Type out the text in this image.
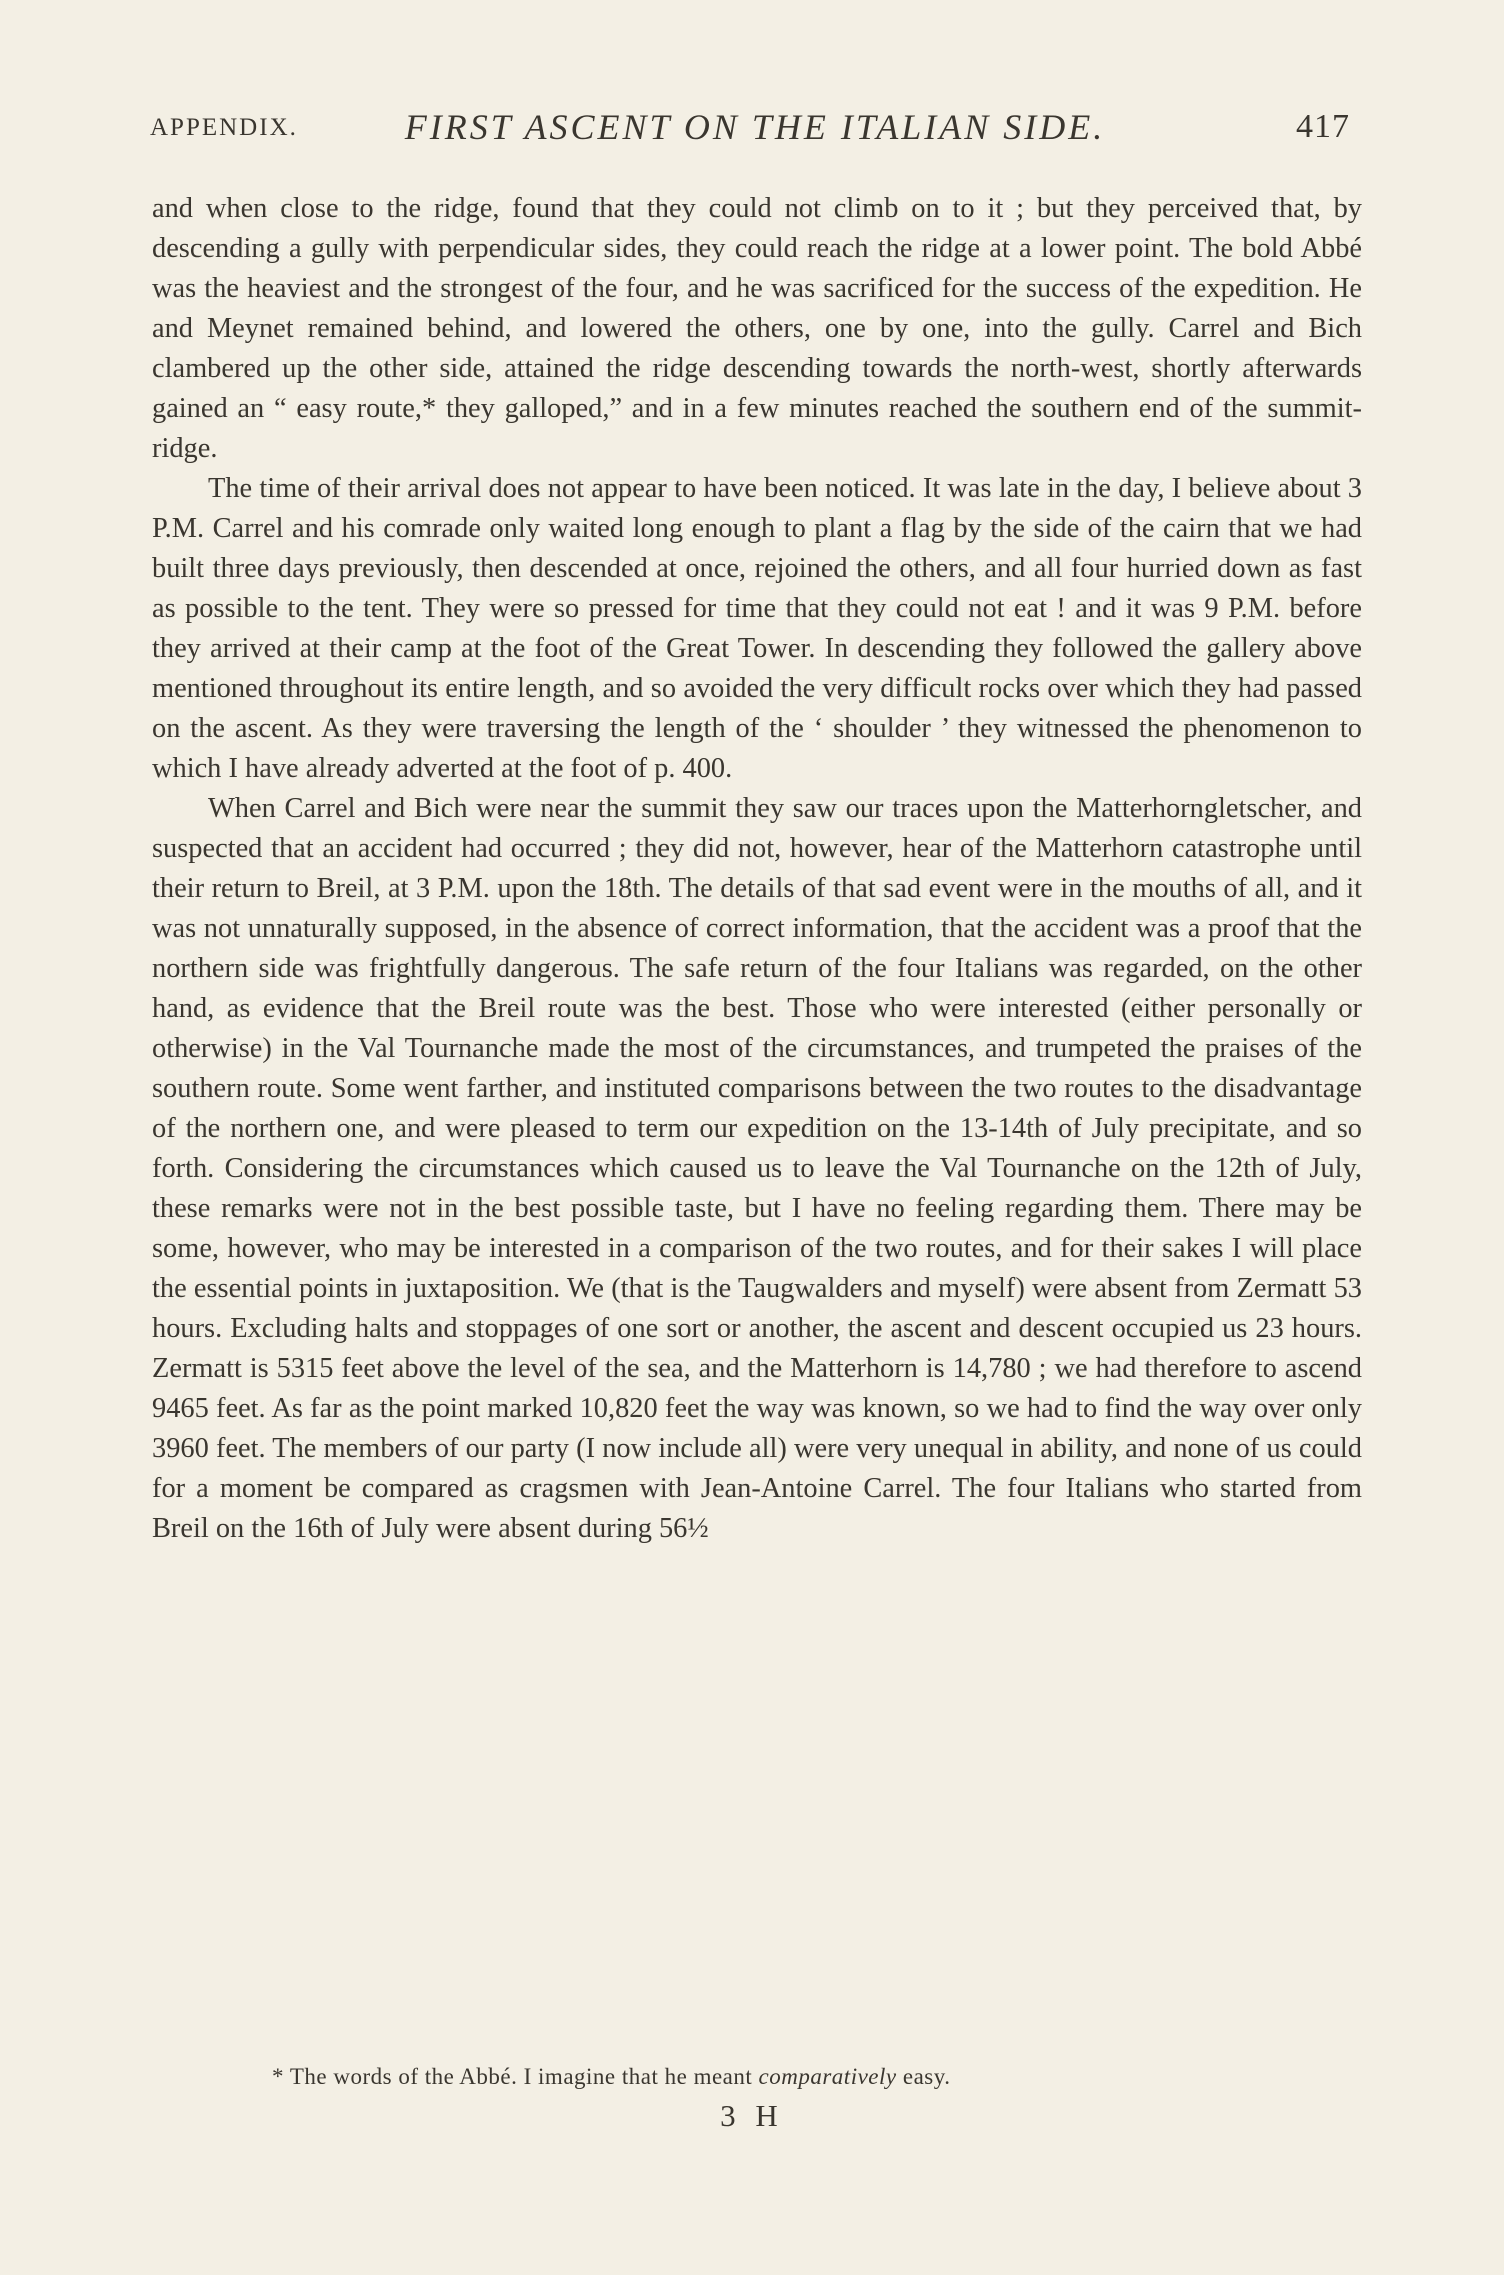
APPENDIX.	FIRST ASCENT ON THE ITALIAN SIDE.	417

and when close to the ridge, found that they could not climb on to it ; but they perceived that, by descending a gully with perpendicular sides, they could reach the ridge at a lower point. The bold Abbé was the heaviest and the strongest of the four, and he was sacrificed for the success of the expedition. He and Meynet remained behind, and lowered the others, one by one, into the gully. Carrel and Bich clambered up the other side, attained the ridge descending towards the north-west, shortly afterwards gained an “ easy route,* they galloped,” and in a few minutes reached the southern end of the summit-ridge.

The time of their arrival does not appear to have been noticed. It was late in the day, I believe about 3 P.M. Carrel and his comrade only waited long enough to plant a flag by the side of the cairn that we had built three days previously, then descended at once, rejoined the others, and all four hurried down as fast as possible to the tent. They were so pressed for time that they could not eat ! and it was 9 P.M. before they arrived at their camp at the foot of the Great Tower. In descending they followed the gallery above mentioned throughout its entire length, and so avoided the very difficult rocks over which they had passed on the ascent. As they were traversing the length of the ‘ shoulder ’ they witnessed the phenomenon to which I have already adverted at the foot of p. 400.

When Carrel and Bich were near the summit they saw our traces upon the Matterhorngletscher, and suspected that an accident had occurred ; they did not, however, hear of the Matterhorn catastrophe until their return to Breil, at 3 P.M. upon the 18th. The details of that sad event were in the mouths of all, and it was not unnaturally supposed, in the absence of correct information, that the accident was a proof that the northern side was frightfully dangerous. The safe return of the four Italians was regarded, on the other hand, as evidence that the Breil route was the best. Those who were interested (either personally or otherwise) in the Val Tournanche made the most of the circumstances, and trumpeted the praises of the southern route. Some went farther, and instituted comparisons between the two routes to the disadvantage of the northern one, and were pleased to term our expedition on the 13-14th of July precipitate, and so forth. Considering the circumstances which caused us to leave the Val Tournanche on the 12th of July, these remarks were not in the best possible taste, but I have no feeling regarding them. There may be some, however, who may be interested in a comparison of the two routes, and for their sakes I will place the essential points in juxtaposition. We (that is the Taugwalders and myself) were absent from Zermatt 53 hours. Excluding halts and stoppages of one sort or another, the ascent and descent occupied us 23 hours. Zermatt is 5315 feet above the level of the sea, and the Matterhorn is 14,780 ; we had therefore to ascend 9465 feet. As far as the point marked 10,820 feet the way was known, so we had to find the way over only 3960 feet. The members of our party (I now include all) were very unequal in ability, and none of us could for a moment be compared as cragsmen with Jean-Antoine Carrel. The four Italians who started from Breil on the 16th of July were absent during 56½

* The words of the Abbé. I imagine that he meant comparatively easy.
3 H
